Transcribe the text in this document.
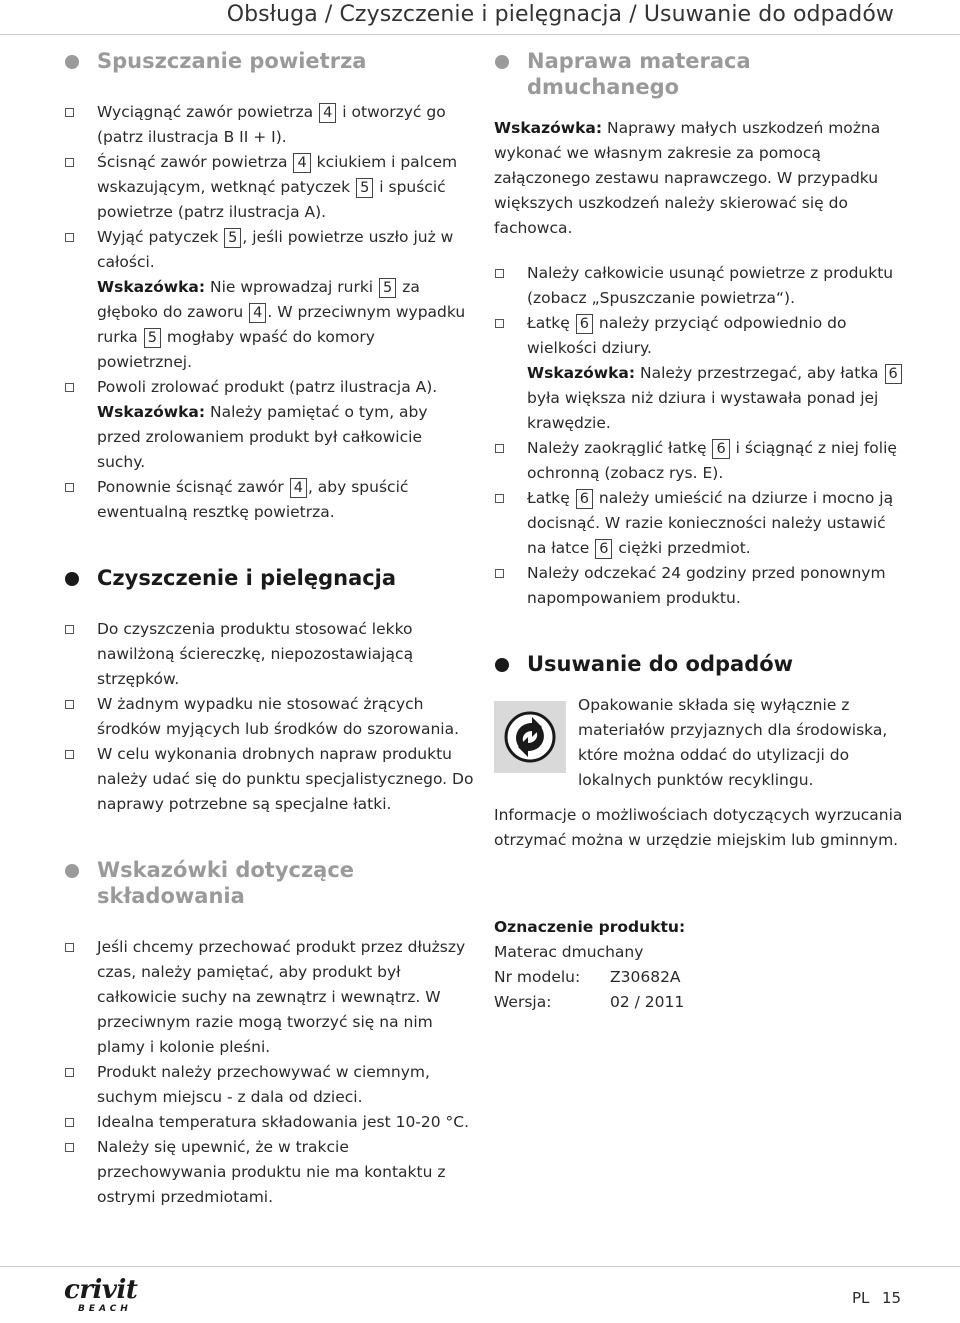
Obsługa / Czyszczenie i pielęgnacja / Usuwanie do odpadów
Spuszczanie powietrza
Wyciągnąć zawór powietrza 4 i otworzyć go (patrz ilustracja B II + I).
Ścisnąć zawór powietrza 4 kciukiem i palcem wskazującym, wetknąć patyczek 5 i spuścić powietrze (patrz ilustracja A).
Wyjąć patyczek 5 , jeśli powietrze uszło już w całości.
Wskazówka: Nie wprowadzaj rurki 5 za głęboko do zaworu 4 . W przeciwnym wypadku rurka 5 mogłaby wpaść do komory powietrznej.
Powoli zrolować produkt (patrz ilustracja A).
Wskazówka: Należy pamiętać o tym, aby przed zrolowaniem produkt był całkowicie suchy.
Ponownie ścisnąć zawór 4 , aby spuścić ewentualną resztkę powietrza.
Czyszczenie i pielęgnacja
Do czyszczenia produktu stosować lekko nawilżoną ściereczkę, niepozostawiającą strzępków.
W żadnym wypadku nie stosować żrących środków myjących lub środków do szorowania.
W celu wykonania drobnych napraw produktu należy udać się do punktu specjalistycznego. Do naprawy potrzebne są specjalne łatki.
Wskazówki dotyczące składowania
Jeśli chcemy przechować produkt przez dłuższy czas, należy pamiętać, aby produkt był całkowicie suchy na zewnątrz i wewnątrz. W przeciwnym razie mogą tworzyć się na nim plamy i kolonie pleśni.
Produkt należy przechowywać w ciemnym, suchym miejscu - z dala od dzieci.
Idealna temperatura składowania jest 10-20 °C.
Należy się upewnić, że w trakcie przechowywania produktu nie ma kontaktu z ostrymi przedmiotami.
Naprawa materaca dmuchanego
Wskazówka: Naprawy małych uszkodzeń można wykonać we własnym zakresie za pomocą załączonego zestawu naprawczego. W przypadku większych uszkodzeń należy skierować się do fachowca.
Należy całkowicie usunąć powietrze z produktu (zobacz „Spuszczanie powietrza“).
Łatkę 6 należy przyciąć odpowiednio do wielkości dziury.
Wskazówka: Należy przestrzegać, aby łatka 6 była większa niż dziura i wystawała ponad jej krawędzie.
Należy zaokrąglić łatkę 6 i ściągnąć z niej folię ochronną (zobacz rys. E).
Łatkę 6 należy umieścić na dziurze i mocno ją docisnąć. W razie konieczności należy ustawić na łatce 6 ciężki przedmiot.
Należy odczekać 24 godziny przed ponownym napompowaniem produktu.
Usuwanie do odpadów
Opakowanie składa się wyłącznie z materiałów przyjaznych dla środowiska, które można oddać do utylizacji do lokalnych punktów recyklingu.
Informacje o możliwościach dotyczących wyrzucania otrzymać można w urzędzie miejskim lub gminnym.
Oznaczenie produktu:
Materac dmuchany
Nr modelu: Z30682A
Wersja:	02 / 2011
crivit
BEACH
PL 15
